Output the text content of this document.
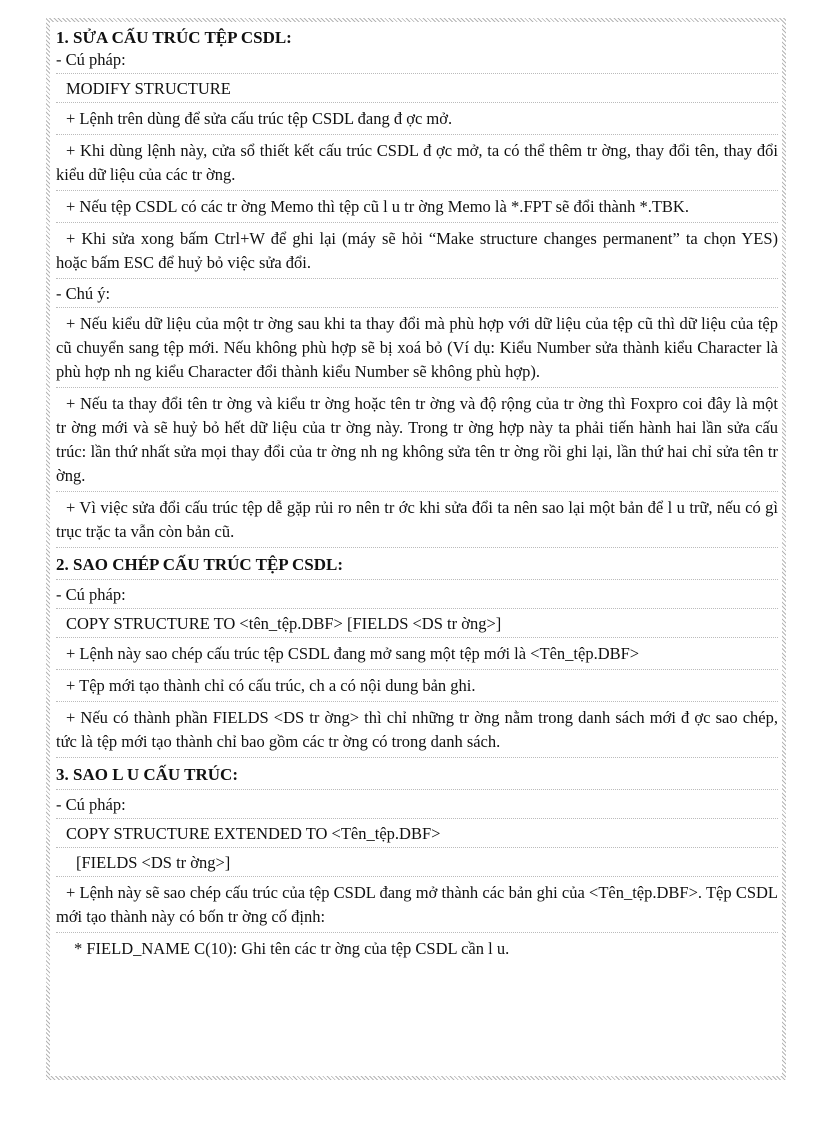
1. SỬA CẤU TRÚC TỆP CSDL:
- Cú pháp:
MODIFY STRUCTURE
+ Lệnh trên dùng để sửa cấu trúc tệp CSDL đang đ ợc mở.
+ Khi dùng lệnh này, cửa sổ thiết kết cấu trúc CSDL đ ợc mở, ta có thể thêm tr ờng, thay đổi tên, thay đổi kiểu dữ liệu của các tr ờng.
+ Nếu tệp CSDL có các tr ờng Memo thì tệp cũ l u tr ờng Memo là *.FPT sẽ đổi thành *.TBK.
+ Khi sửa xong bấm Ctrl+W để ghi lại (máy sẽ hỏi “Make structure changes permanent” ta chọn YES) hoặc bấm ESC để huỷ bỏ việc sửa đổi.
- Chú ý:
+ Nếu kiểu dữ liệu của một tr ờng sau khi ta thay đổi mà phù hợp với dữ liệu của tệp cũ thì dữ liệu của tệp cũ chuyển sang tệp mới. Nếu không phù hợp sẽ bị xoá bỏ (Ví dụ: Kiểu Number sửa thành kiểu Character là phù hợp nh ng kiểu Character đổi thành kiểu Number sẽ không phù hợp).
+ Nếu ta thay đổi tên tr ờng và kiểu tr ờng hoặc tên tr ờng và độ rộng của tr ờng thì Foxpro coi đây là một tr ờng mới và sẽ huỷ bỏ hết dữ liệu của tr ờng này. Trong tr ờng hợp này ta phải tiến hành hai lần sửa cấu trúc: lần thứ nhất sửa mọi thay đổi của tr ờng nh ng không sửa tên tr ờng rồi ghi lại, lần thứ hai chỉ sửa tên tr ờng.
+ Vì việc sửa đổi cấu trúc tệp dễ gặp rủi ro nên tr ớc khi sửa đổi ta nên sao lại một bản để l u trữ, nếu có gì trục trặc ta vẫn còn bản cũ.
2. SAO CHÉP CẤU TRÚC TỆP CSDL:
- Cú pháp:
COPY STRUCTURE TO <tên_tệp.DBF> [FIELDS <DS tr ờng>]
+ Lệnh này sao chép cấu trúc tệp CSDL đang mở sang một tệp mới là <Tên_tệp.DBF>
+ Tệp mới tạo thành chỉ có cấu trúc, ch a có nội dung bản ghi.
+ Nếu có thành phần FIELDS <DS tr ờng> thì chỉ những tr ờng nằm trong danh sách mới đ ợc sao chép, tức là tệp mới tạo thành chỉ bao gồm các tr ờng có trong danh sách.
3. SAO L U CẤU TRÚC:
- Cú pháp:
COPY STRUCTURE EXTENDED TO <Tên_tệp.DBF>
[FIELDS <DS tr ờng>]
+ Lệnh này sẽ sao chép cấu trúc của tệp CSDL đang mở thành các bản ghi của <Tên_tệp.DBF>. Tệp CSDL mới tạo thành này có bốn tr ờng cố định:
* FIELD_NAME C(10): Ghi tên các tr ờng của tệp CSDL cần l u.
